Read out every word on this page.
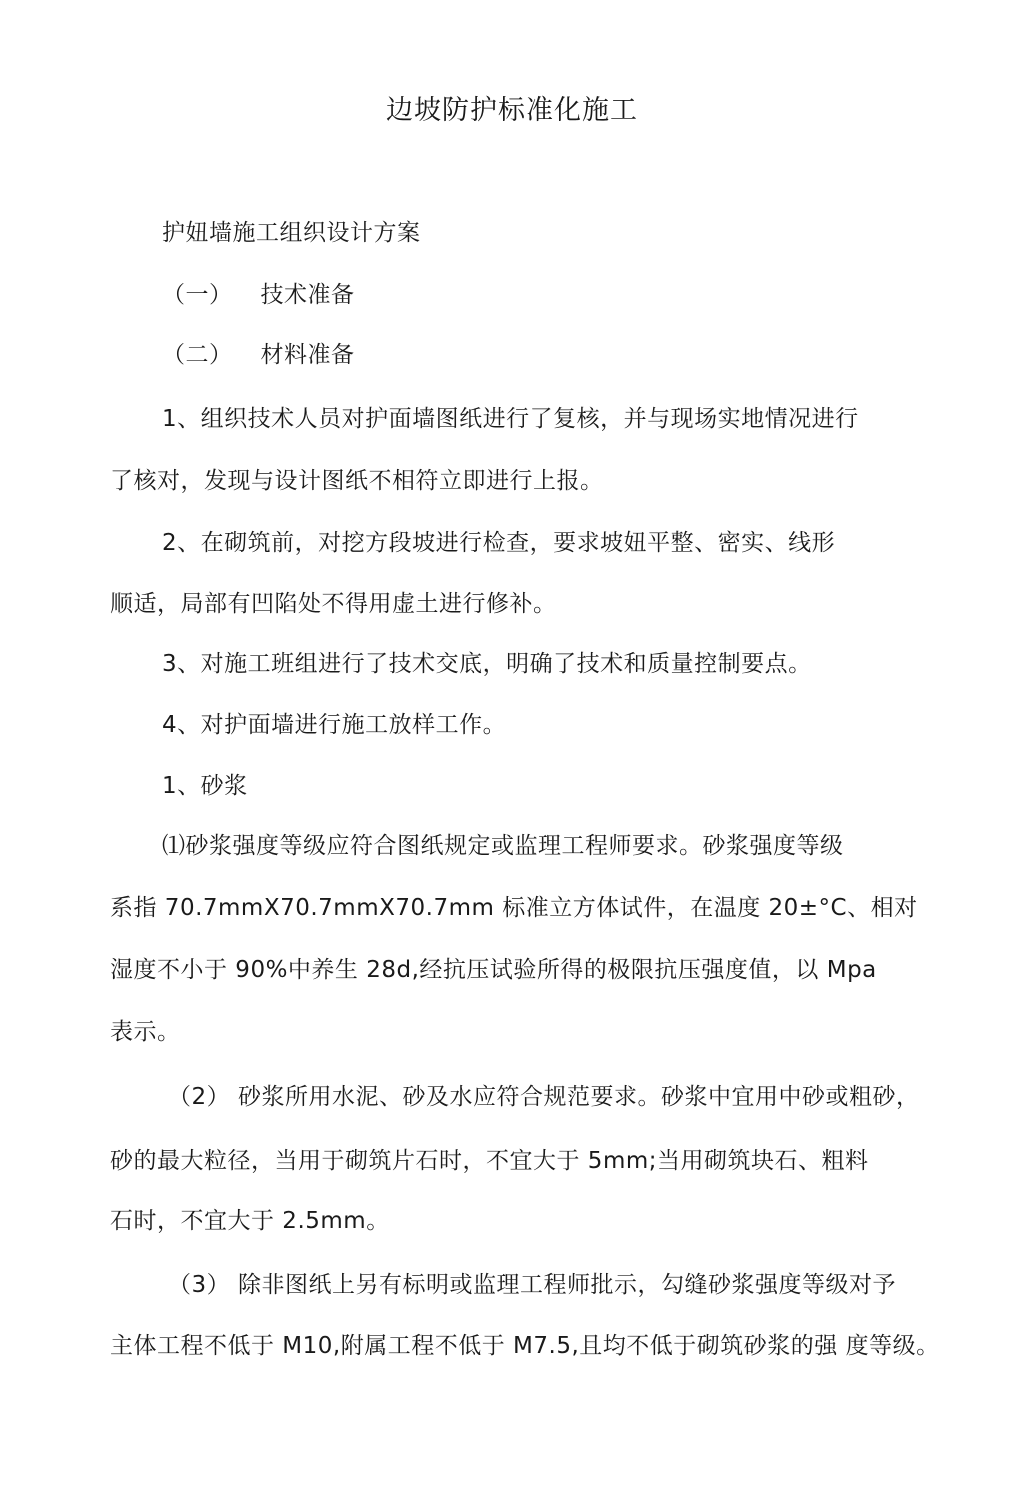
边坡防护标准化施工
护妞墙施工组织设计方案
（一） 技术准备
（二） 材料准备
1、组织技术人员对护面墙图纸进行了复核，并与现场实地情况进行
了核对，发现与设计图纸不相符立即进行上报。
2、在砌筑前，对挖方段坡进行检查，要求坡妞平整、密实、线形
顺适，局部有凹陷处不得用虚土进行修补。
3、对施工班组进行了技术交底，明确了技术和质量控制要点。
4、对护面墙进行施工放样工作。
1、砂浆
⑴砂浆强度等级应符合图纸规定或监理工程师要求。砂浆强度等级
系指 70.7mmX70.7mmX70.7mm 标准立方体试件，在温度 20±°C、相对
湿度不小于 90%中养生 28d,经抗压试验所得的极限抗压强度值，以 Mpa
表示。
（2） 砂浆所用水泥、砂及水应符合规范要求。砂浆中宜用中砂或粗砂，
砂的最大粒径，当用于砌筑片石时，不宜大于 5mm;当用砌筑块石、粗料
石时，不宜大于 2.5mm。
（3） 除非图纸上另有标明或监理工程师批示，勾缝砂浆强度等级对予
主体工程不低于 M10,附属工程不低于 M7.5,且均不低于砌筑砂浆的强 度等级。
